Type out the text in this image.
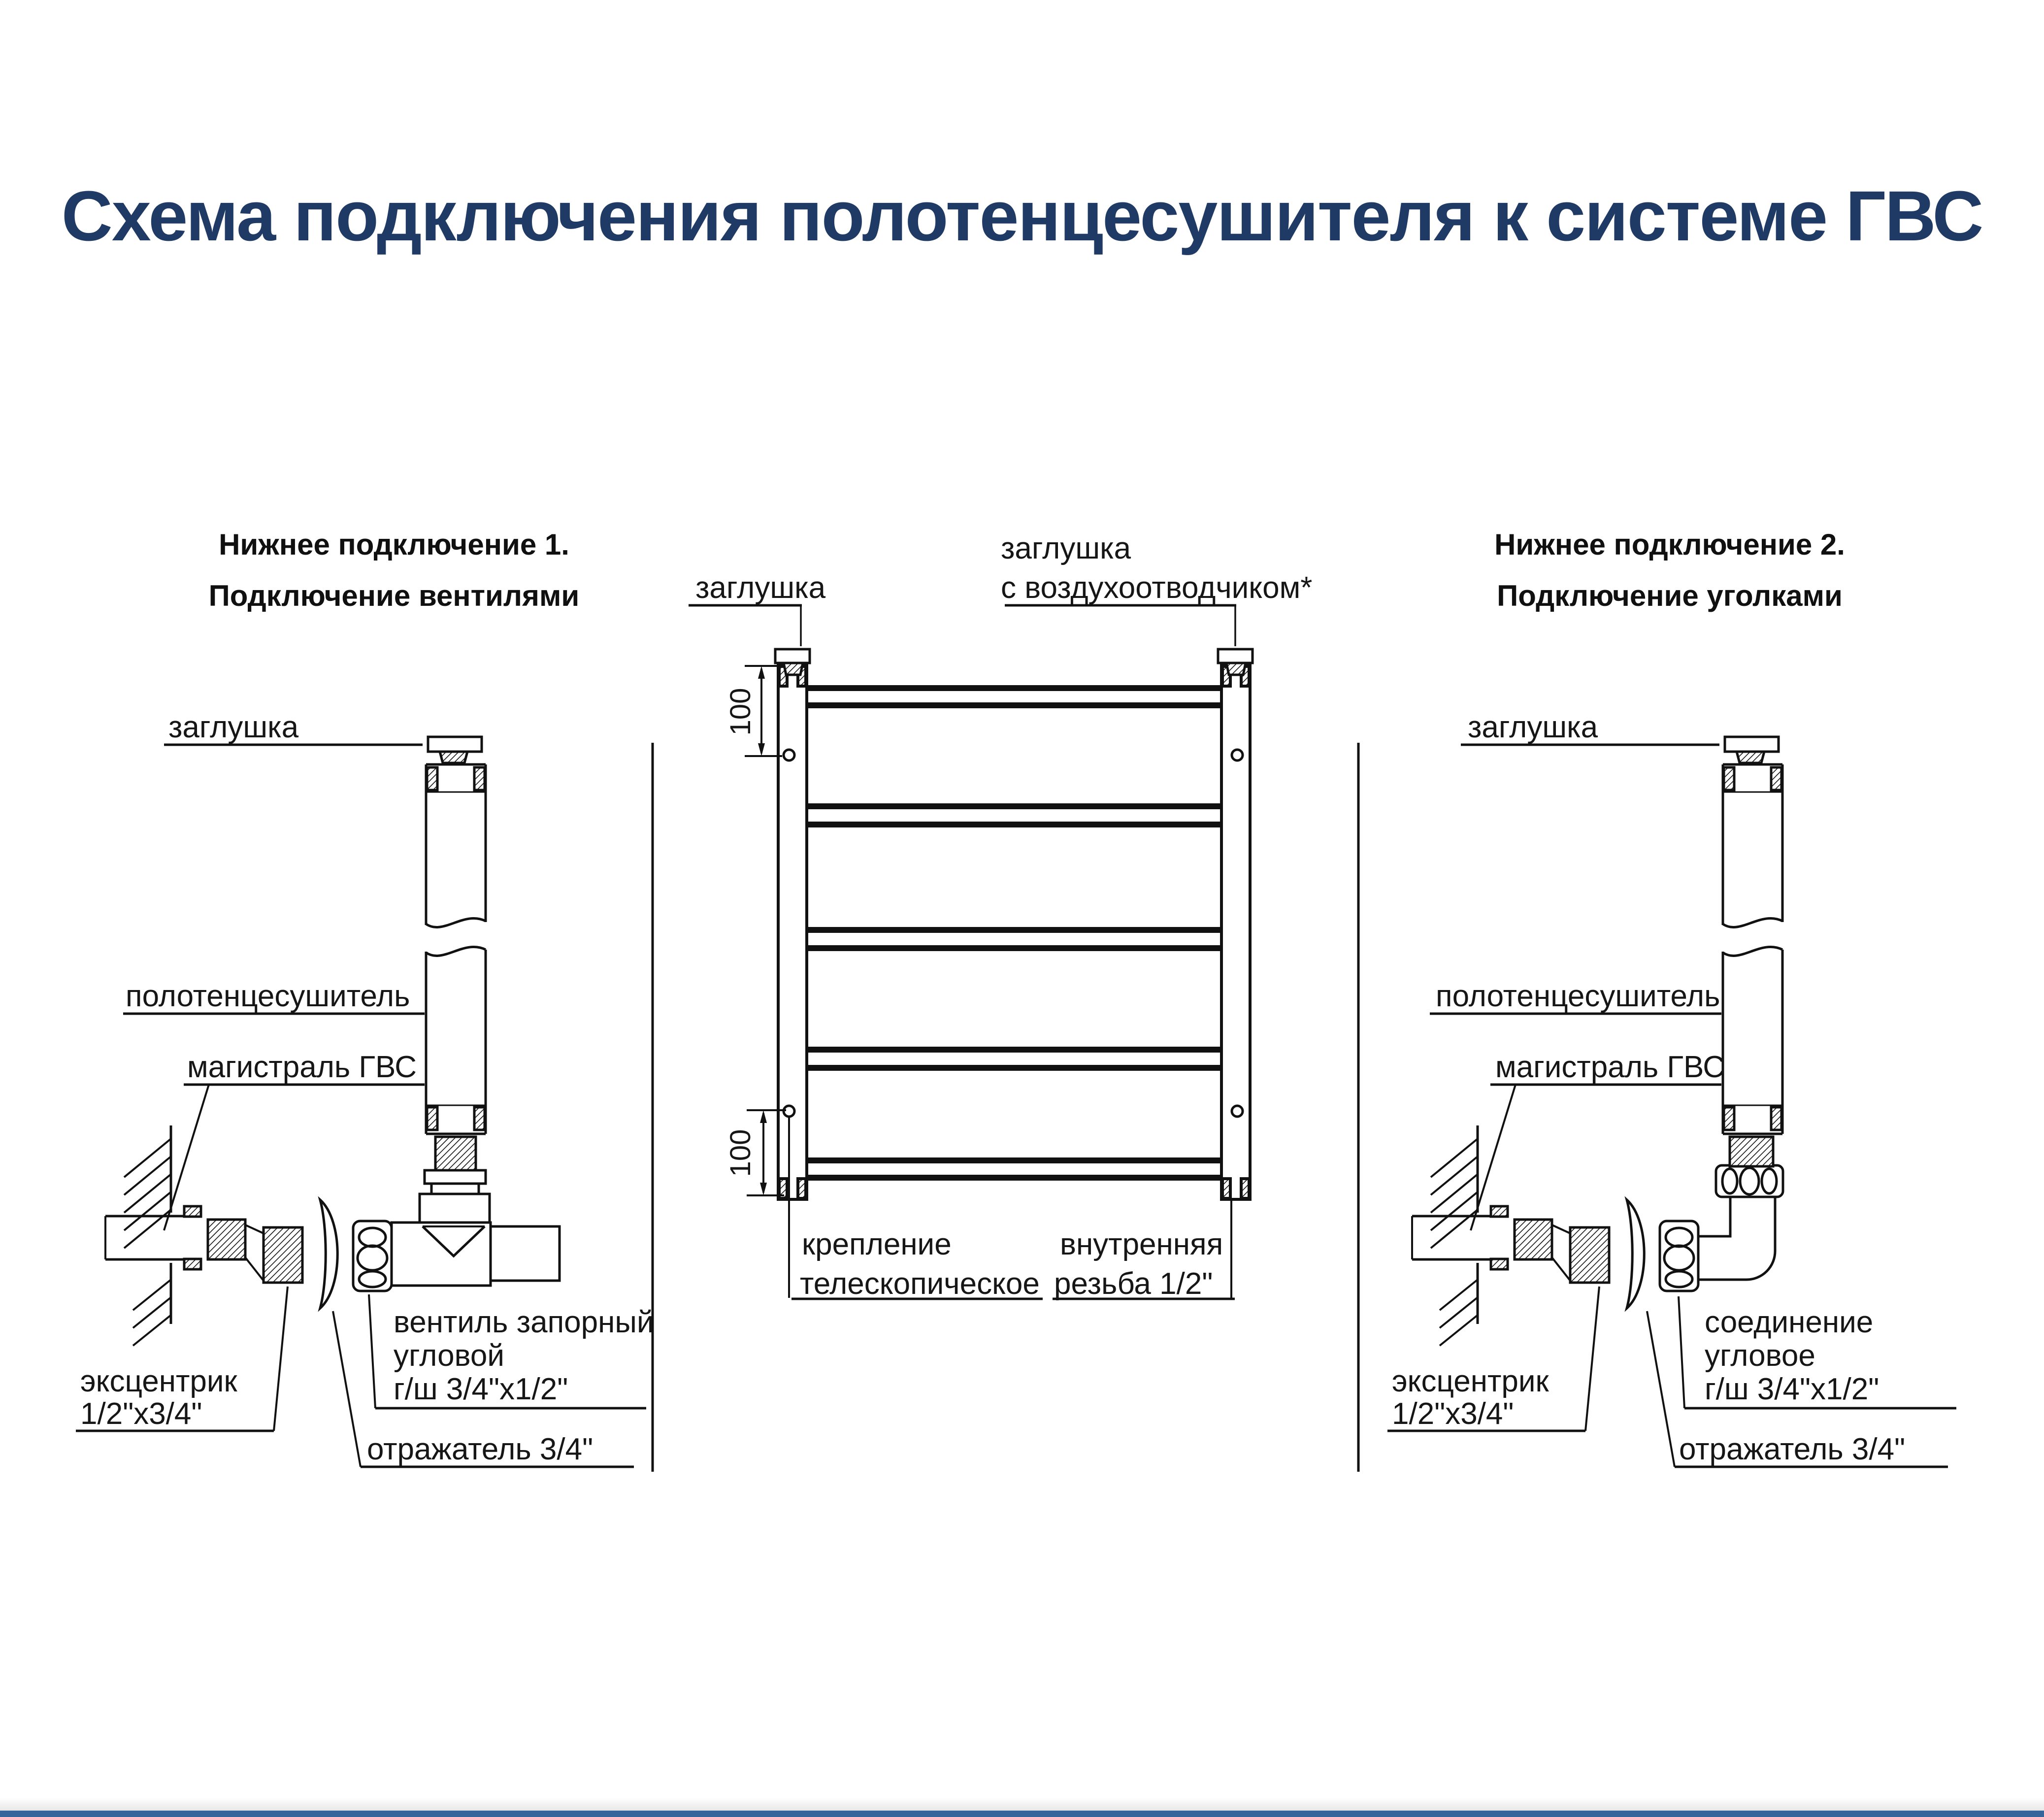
Схема подключения полотенцесушителя к системе ГВС
Нижнее подключение 1.
Подключение вентилями
Нижнее подключение 2.
Подключение уголками
заглушка
заглушка
с воздухоотводчиком*
100
100
крепление
телескопическое
внутренняя
резьба 1/2"
заглушка
полотенцесушитель
магистраль ГВС
вентиль запорный
угловой
г/ш 3/4"x1/2"
эксцентрик
1/2"x3/4"
отражатель 3/4"
заглушка
полотенцесушитель
магистраль ГВС
соединение
угловое
г/ш 3/4"x1/2"
эксцентрик
1/2"x3/4"
отражатель 3/4"
